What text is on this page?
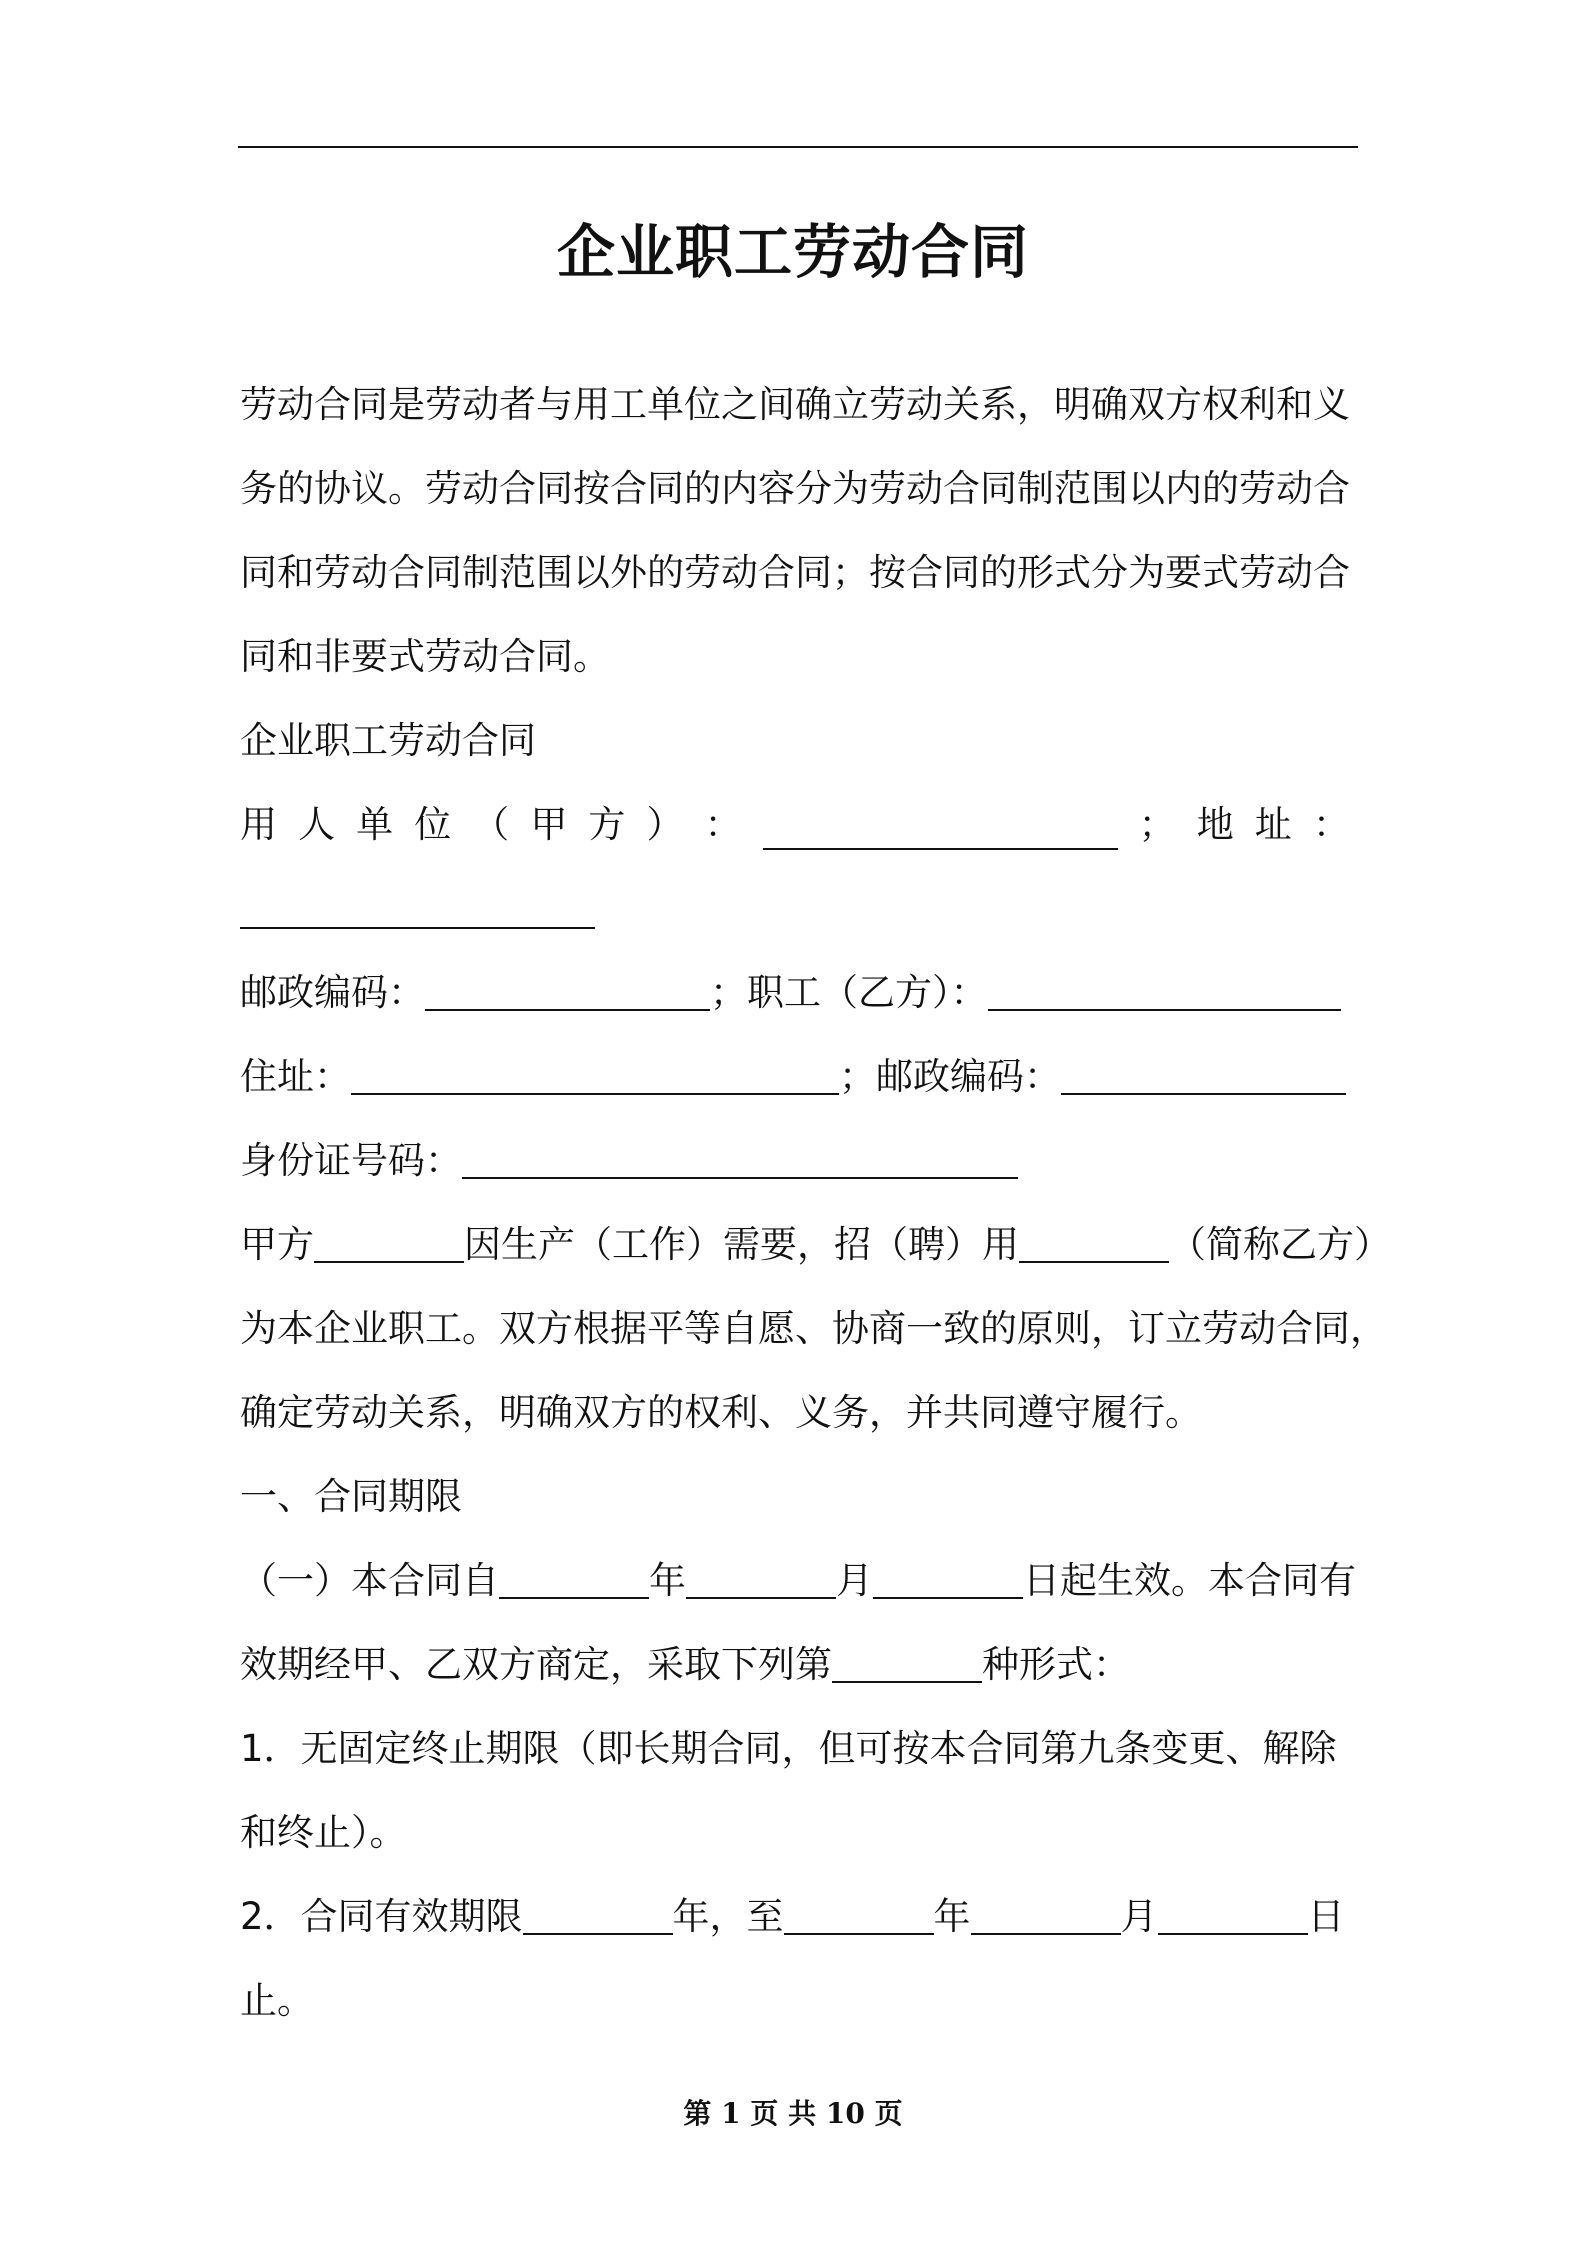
企业职工劳动合同
劳动合同是劳动者与用工单位之间确立劳动关系，明确双方权利和义
务的协议。劳动合同按合同的内容分为劳动合同制范围以内的劳动合
同和劳动合同制范围以外的劳动合同；按合同的形式分为要式劳动合
同和非要式劳动合同。
企业职工劳动合同
用 人 单 位 （ 甲 方 ） ：	； 地 址 ：
邮政编码：	；职工（乙方）：
住址：	；邮政编码：
身份证号码：
甲方	因生产（工作）需要，招（聘）用	（简称乙方）
为本企业职工。双方根据平等自愿、协商一致的原则，订立劳动合同，
确定劳动关系，明确双方的权利、义务，并共同遵守履行。
一、合同期限
（一）本合同自	年	月	日起生效。本合同有
效期经甲、乙双方商定，采取下列第	种形式：
1．无固定终止期限（即长期合同，但可按本合同第九条变更、解除
和终止）。
2．合同有效期限	年，至	年	月	日
止。
第 1 页 共 10 页
